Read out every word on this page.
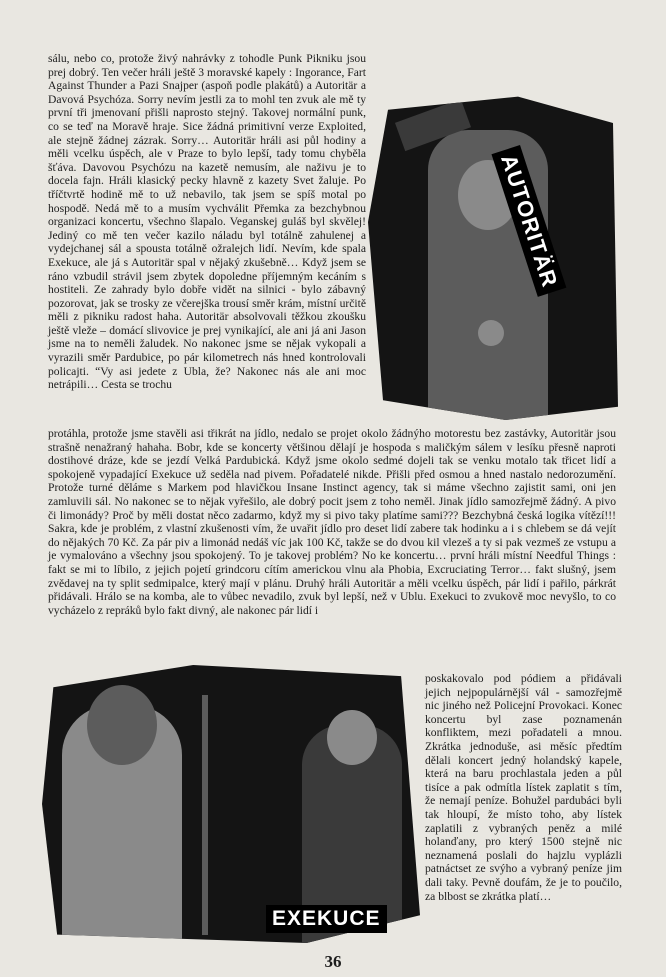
sálu, nebo co, protože živý nahrávky z tohodle Punk Pikniku jsou prej dobrý. Ten večer hráli ještě 3 moravské kapely : Ingorance, Fart Against Thunder a Pazi Snajper (aspoň podle plakátů) a Autoritär a Davová Psychóza. Sorry nevím jestli za to mohl ten zvuk ale mě ty první tři jmenovaní přišli naprosto stejný. Takovej normální punk, co se teď na Moravě hraje. Sice žádná primitivní verze Exploited, ale stejně žádnej zázrak. Sorry… Autoritär hráli asi půl hodiny a měli vcelku úspěch, ale v Praze to bylo lepší, tady tomu chyběla šťáva. Davovou Psychózu na kazetě nemusím, ale naživu je to docela fajn. Hráli klasický pecky hlavně z kazety Svet žaluje. Po tříčtvrtě hodině mě to už nebavilo, tak jsem se spíš motal po hospodě. Nedá mě to a musím vychválit Přemka za bezchybnou organizaci koncertu, všechno šlapalo. Veganskej guláš byl skvělej! Jediný co mě ten večer kazilo náladu byl totálně zahulenej a vydejchanej sál a spousta totálně ožralejch lidí. Nevím, kde spala Exekuce, ale já s Autoritär spal v nějaký zkušebně… Když jsem se ráno vzbudil strávil jsem zbytek dopoledne příjemným kecáním s hostiteli. Ze zahrady bylo dobře vidět na silnici - bylo zábavný pozorovat, jak se trosky ze včerejška trousí směr krám, místní určitě měli z pikniku radost haha. Autoritär absolvovali těžkou zkoušku ještě vleže – domácí slivovice je prej vynikající, ale ani já ani Jason jsme na to neměli žaludek. No nakonec jsme se nějak vykopali a vyrazili směr Pardubice, po pár kilometrech nás hned kontrolovali policajti. “Vy asi jedete z Ubla, že? Nakonec nás ale ani moc netrápili… Cesta se trochu

AUTORITÄR

protáhla, protože jsme stavěli asi třikrát na jídlo, nedalo se projet okolo žádnýho motorestu bez zastávky, Autoritär jsou strašně nenažraný hahaha. Bobr, kde se koncerty většinou dělají je hospoda s maličkým sálem v lesíku přesně naproti dostihové dráze, kde se jezdí Velká Pardubická. Když jsme okolo sedmé dojeli tak se venku motalo tak třicet lidí a spokojeně vypadající Exekuce už seděla nad pivem. Pořadatelé nikde. Přišli před osmou a hned nastalo nedorozumění. Protože turné děláme s Markem pod hlavičkou Insane Instinct agency, tak si máme všechno zajistit sami, oni jen zamluvili sál. No nakonec se to nějak vyřešilo, ale dobrý pocit jsem z toho neměl. Jinak jídlo samozřejmě žádný. A pivo či limonády? Proč by měli dostat něco zadarmo, když my si pivo taky platíme sami??? Bezchybná česká logika vítězí!!! Sakra, kde je problém, z vlastní zkušenosti vím, že uvařit jídlo pro deset lidí zabere tak hodinku a i s chlebem se dá vejít do nějakých 70 Kč. Za pár piv a limonád nedáš víc jak 100 Kč, takže se do dvou kil vlezeš a ty si pak vezmeš ze vstupu a je vymalováno a všechny jsou spokojený. To je takovej problém? No ke koncertu… první hráli místní Needful Things : fakt se mi to líbilo, z jejich pojetí grindcoru cítím americkou vlnu ala Phobia, Excruciating Terror… fakt slušný, jsem zvědavej na ty split sedmipalce, který mají v plánu. Druhý hráli Autoritär a měli vcelku úspěch, pár lidí i pařilo, párkrát přidávali. Hrálo se na komba, ale to vůbec nevadilo, zvuk byl lepší, než v Ublu. Exekuci to zvukově moc nevyšlo, to co vycházelo z repráků bylo fakt divný, ale nakonec pár lidí i

EXEKUCE

poskakovalo pod pódiem a přidávali jejich nejpopulárnější vál - samozřejmě nic jiného než Policejní Provokaci. Konec koncertu byl zase poznamenán konfliktem, mezi pořadateli a mnou. Zkrátka jednoduše, asi měsíc předtím dělali koncert jedný holandský kapele, která na baru prochlastala jeden a půl tisíce a pak odmítla lístek zaplatit s tím, že nemají peníze. Bohužel pardubáci byli tak hloupí, že místo toho, aby lístek zaplatili z vybraných peněz a milé holanďany, pro který 1500 stejně nic neznamená poslali do hajzlu vyplázli patnáctset ze svýho a vybraný peníze jim dali taky. Pevně doufám, že je to poučilo, za blbost se zkrátka platí…

36
